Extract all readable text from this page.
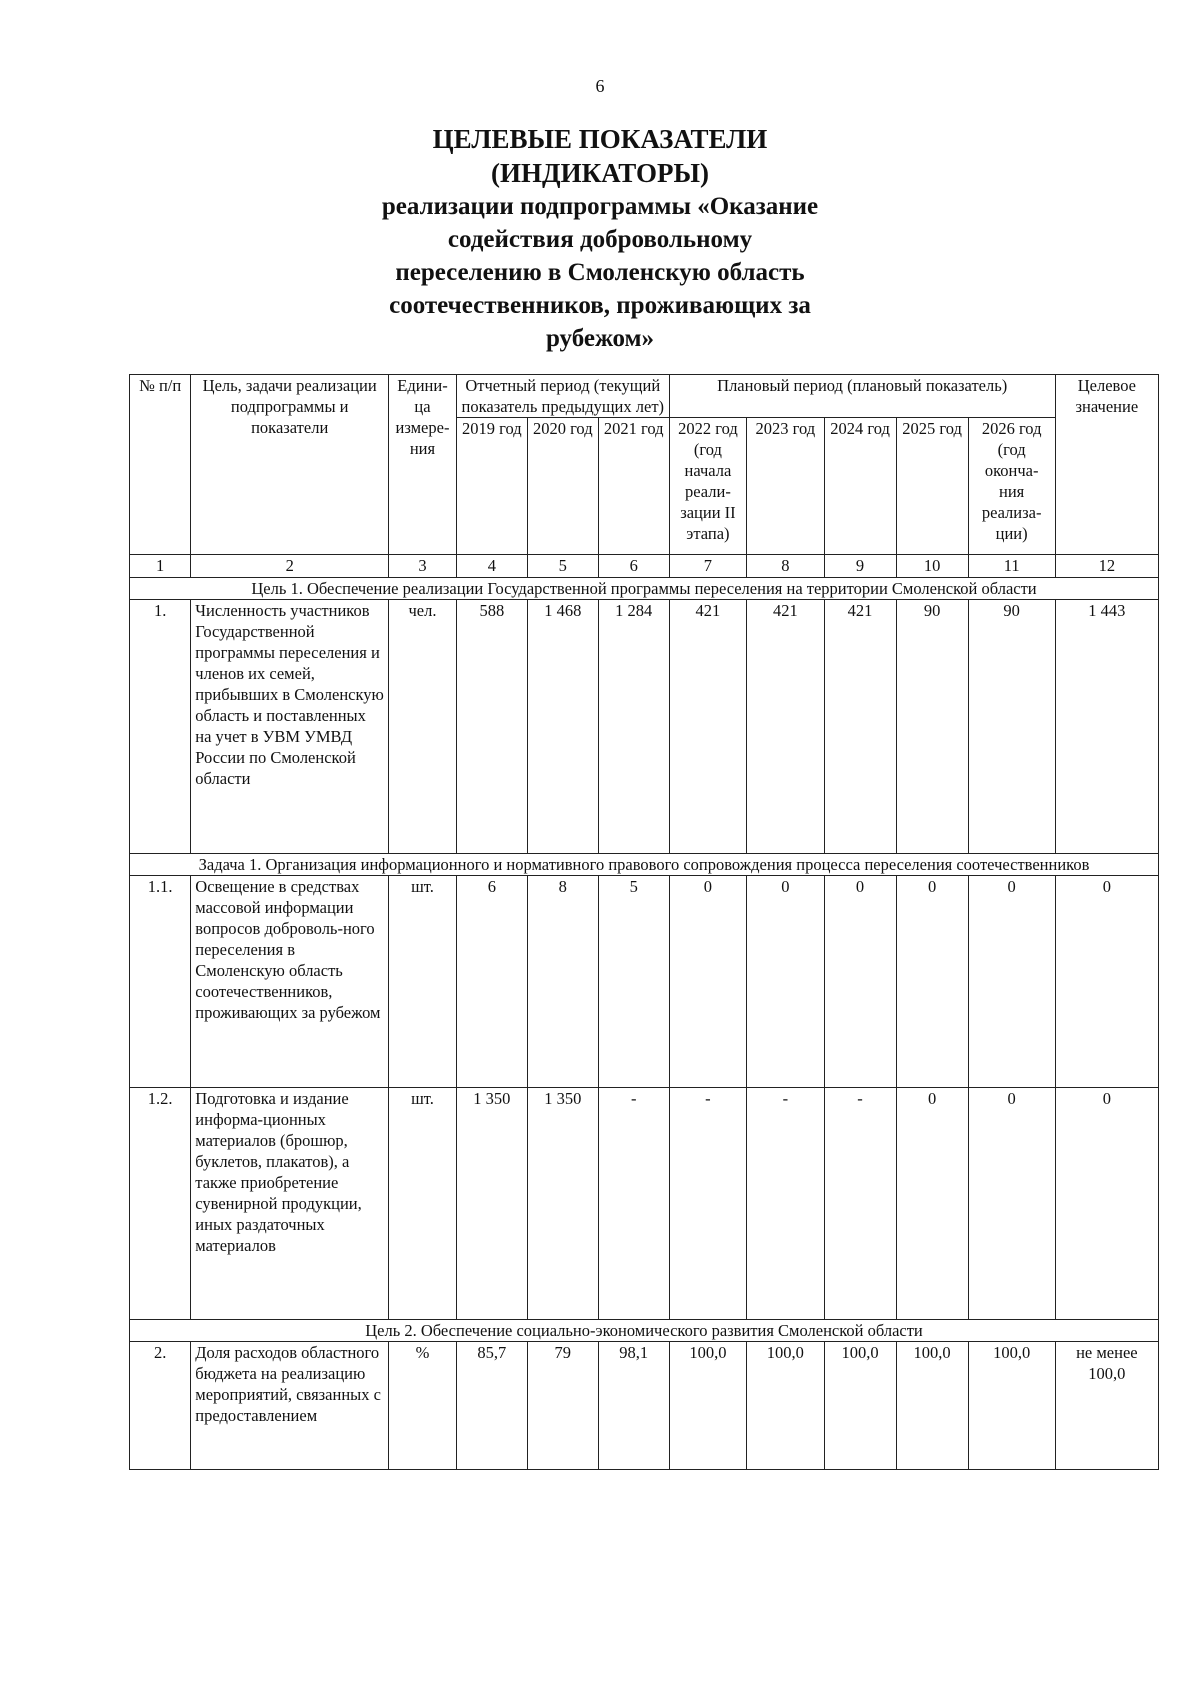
6
ЦЕЛЕВЫЕ ПОКАЗАТЕЛИ
(ИНДИКАТОРЫ)
реализации подпрограммы «Оказание
содействия добровольному
переселению в Смоленскую область
соотечественников, проживающих за
рубежом»
№ п/п	Цель, задачи реализации подпрограммы и показатели	Едини-ца измере-ния	Отчетный период (текущий показатель предыдущих лет)			Плановый период (плановый показатель)					Целевое значение
			2019 год	2020 год	2021 год	2022 год (год начала реали-зации II этапа)	2023 год	2024 год	2025 год	2026 год (год оконча-ния реализа-ции)	
1	2	3	4	5	6	7	8	9	10	11	12
Цель 1. Обеспечение реализации Государственной программы переселения на территории Смоленской области											
1.	Численность участников Государственной программы переселения и членов их семей, прибывших в Смоленскую область и поставленных на учет в УВМ УМВД России по Смоленской области	чел.	588	1 468	1 284	421	421	421	90	90	1 443
Задача 1. Организация информационного и нормативного правового сопровождения процесса переселения соотечественников											
1.1.	Освещение в средствах массовой информации вопросов доброволь-ного переселения в Смоленскую область соотечественников, проживающих за рубежом	шт.	6	8	5	0	0	0	0	0	0
1.2.	Подготовка и издание информа-ционных материалов (брошюр, буклетов, плакатов), а также приобретение сувенирной продукции, иных раздаточных материалов	шт.	1 350	1 350	-	-	-	-	0	0	0
Цель 2. Обеспечение социально-экономического развития Смоленской области											
2.	Доля расходов областного бюджета на реализацию мероприятий, связанных с предоставлением	%	85,7	79	98,1	100,0	100,0	100,0	100,0	100,0	не менее 100,0
